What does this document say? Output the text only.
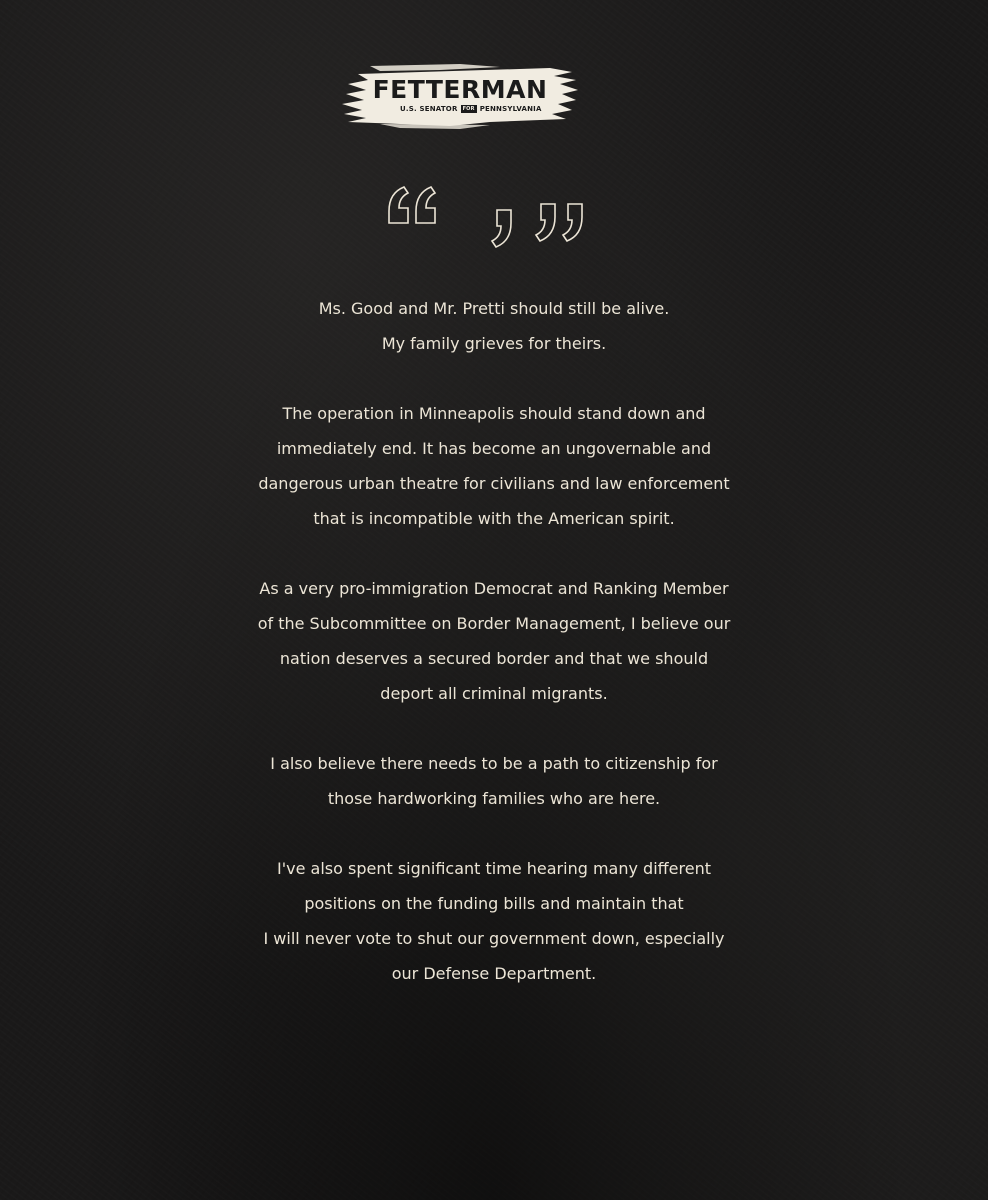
FETTERMAN
U.S. SENATOR FOR PENNSYLVANIA
Ms. Good and Mr. Pretti should still be alive.
My family grieves for theirs.
The operation in Minneapolis should stand down and
immediately end. It has become an ungovernable and
dangerous urban theatre for civilians and law enforcement
that is incompatible with the American spirit.
As a very pro-immigration Democrat and Ranking Member
of the Subcommittee on Border Management, I believe our
nation deserves a secured border and that we should
deport all criminal migrants.
I also believe there needs to be a path to citizenship for
those hardworking families who are here.
I've also spent significant time hearing many different
positions on the funding bills and maintain that
I will never vote to shut our government down, especially
our Defense Department.
